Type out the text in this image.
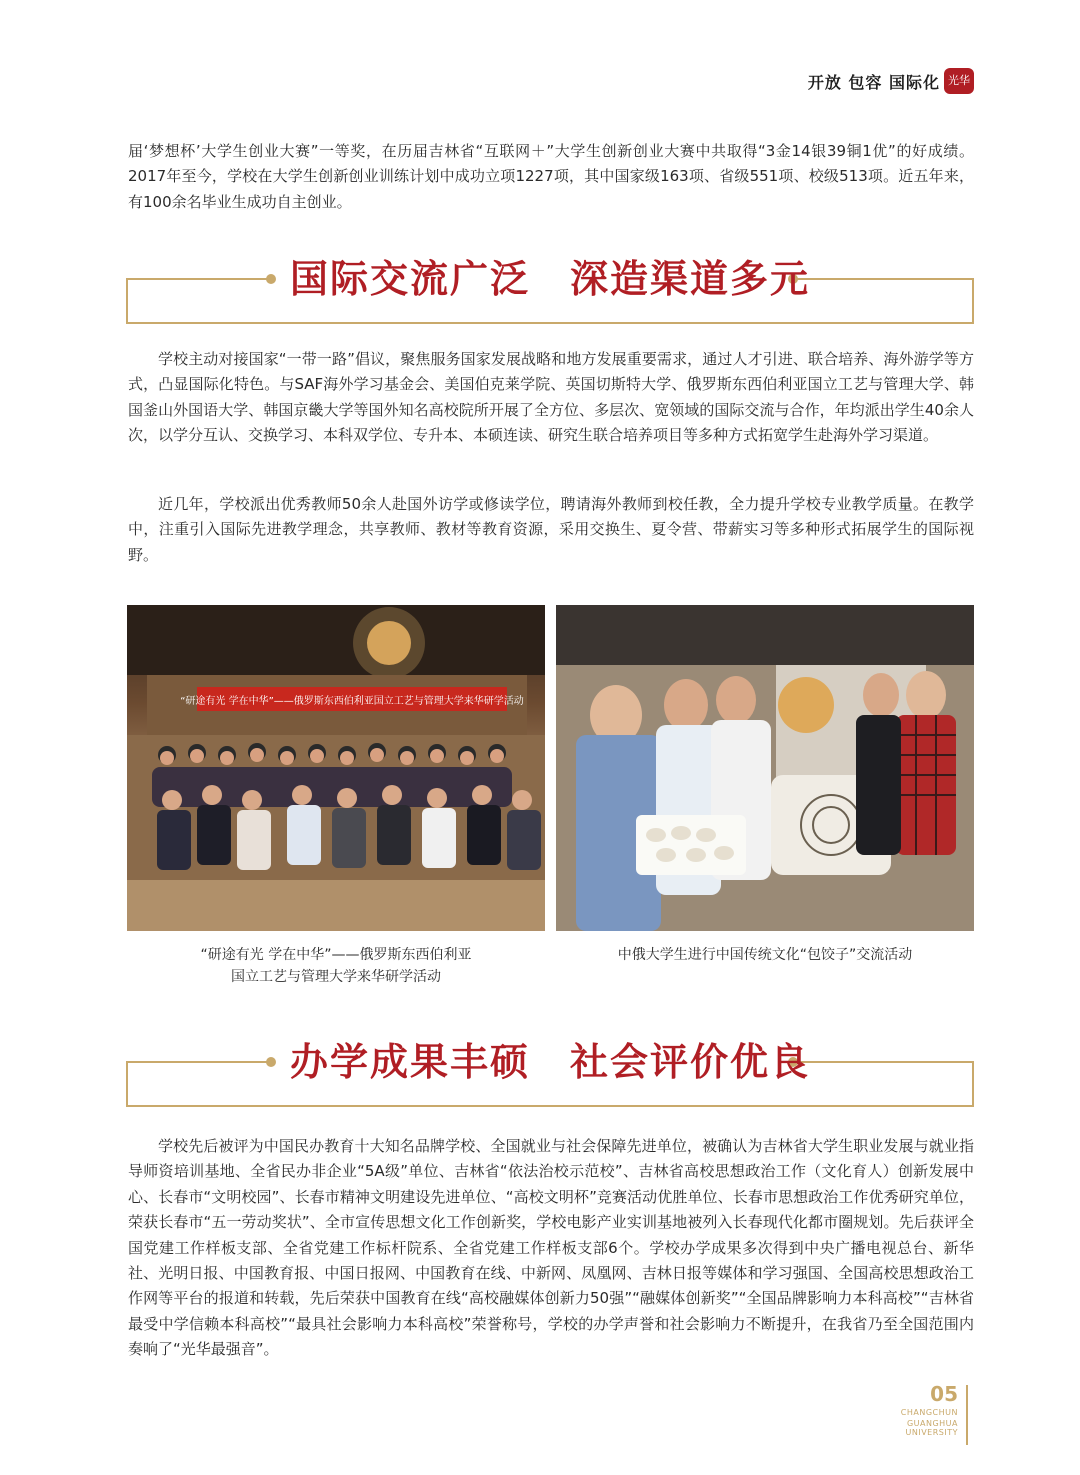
开放 包容 国际化 光华

届‘梦想杯’大学生创业大赛”一等奖，在历届吉林省“互联网＋”大学生创新创业大赛中共取得“3金14银39铜1优”的好成绩。2017年至今，学校在大学生创新创业训练计划中成功立项1227项，其中国家级163项、省级551项、校级513项。近五年来，有100余名毕业生成功自主创业。

国际交流广泛　深造渠道多元

学校主动对接国家“一带一路”倡议，聚焦服务国家发展战略和地方发展重要需求，通过人才引进、联合培养、海外游学等方式，凸显国际化特色。与SAF海外学习基金会、美国伯克莱学院、英国切斯特大学、俄罗斯东西伯利亚国立工艺与管理大学、韩国釜山外国语大学、韩国京畿大学等国外知名高校院所开展了全方位、多层次、宽领域的国际交流与合作，年均派出学生40余人次，以学分互认、交换学习、本科双学位、专升本、本硕连读、研究生联合培养项目等多种方式拓宽学生赴海外学习渠道。

近几年，学校派出优秀教师50余人赴国外访学或修读学位，聘请海外教师到校任教，全力提升学校专业教学质量。在教学中，注重引入国际先进教学理念，共享教师、教材等教育资源，采用交换生、夏令营、带薪实习等多种形式拓展学生的国际视野。

“研途有光 学在中华”——俄罗斯东西伯利亚国立工艺与管理大学来华研学活动
“研途有光 学在中华”——俄罗斯东西伯利亚
国立工艺与管理大学来华研学活动
中俄大学生进行中国传统文化“包饺子”交流活动
办学成果丰硕　社会评价优良

学校先后被评为中国民办教育十大知名品牌学校、全国就业与社会保障先进单位，被确认为吉林省大学生职业发展与就业指导师资培训基地、全省民办非企业“5A级”单位、吉林省“依法治校示范校”、吉林省高校思想政治工作（文化育人）创新发展中心、长春市“文明校园”、长春市精神文明建设先进单位、“高校文明杯”竞赛活动优胜单位、长春市思想政治工作优秀研究单位，荣获长春市“五一劳动奖状”、全市宣传思想文化工作创新奖，学校电影产业实训基地被列入长春现代化都市圈规划。先后获评全国党建工作样板支部、全省党建工作标杆院系、全省党建工作样板支部6个。学校办学成果多次得到中央广播电视总台、新华社、光明日报、中国教育报、中国日报网、中国教育在线、中新网、凤凰网、吉林日报等媒体和学习强国、全国高校思想政治工作网等平台的报道和转载，先后荣获中国教育在线“高校融媒体创新力50强”“融媒体创新奖”“全国品牌影响力本科高校”“吉林省最受中学信赖本科高校”“最具社会影响力本科高校”荣誉称号，学校的办学声誉和社会影响力不断提升，在我省乃至全国范围内奏响了“光华最强音”。

05
CHANGCHUN
GUANGHUA UNIVERSITY
